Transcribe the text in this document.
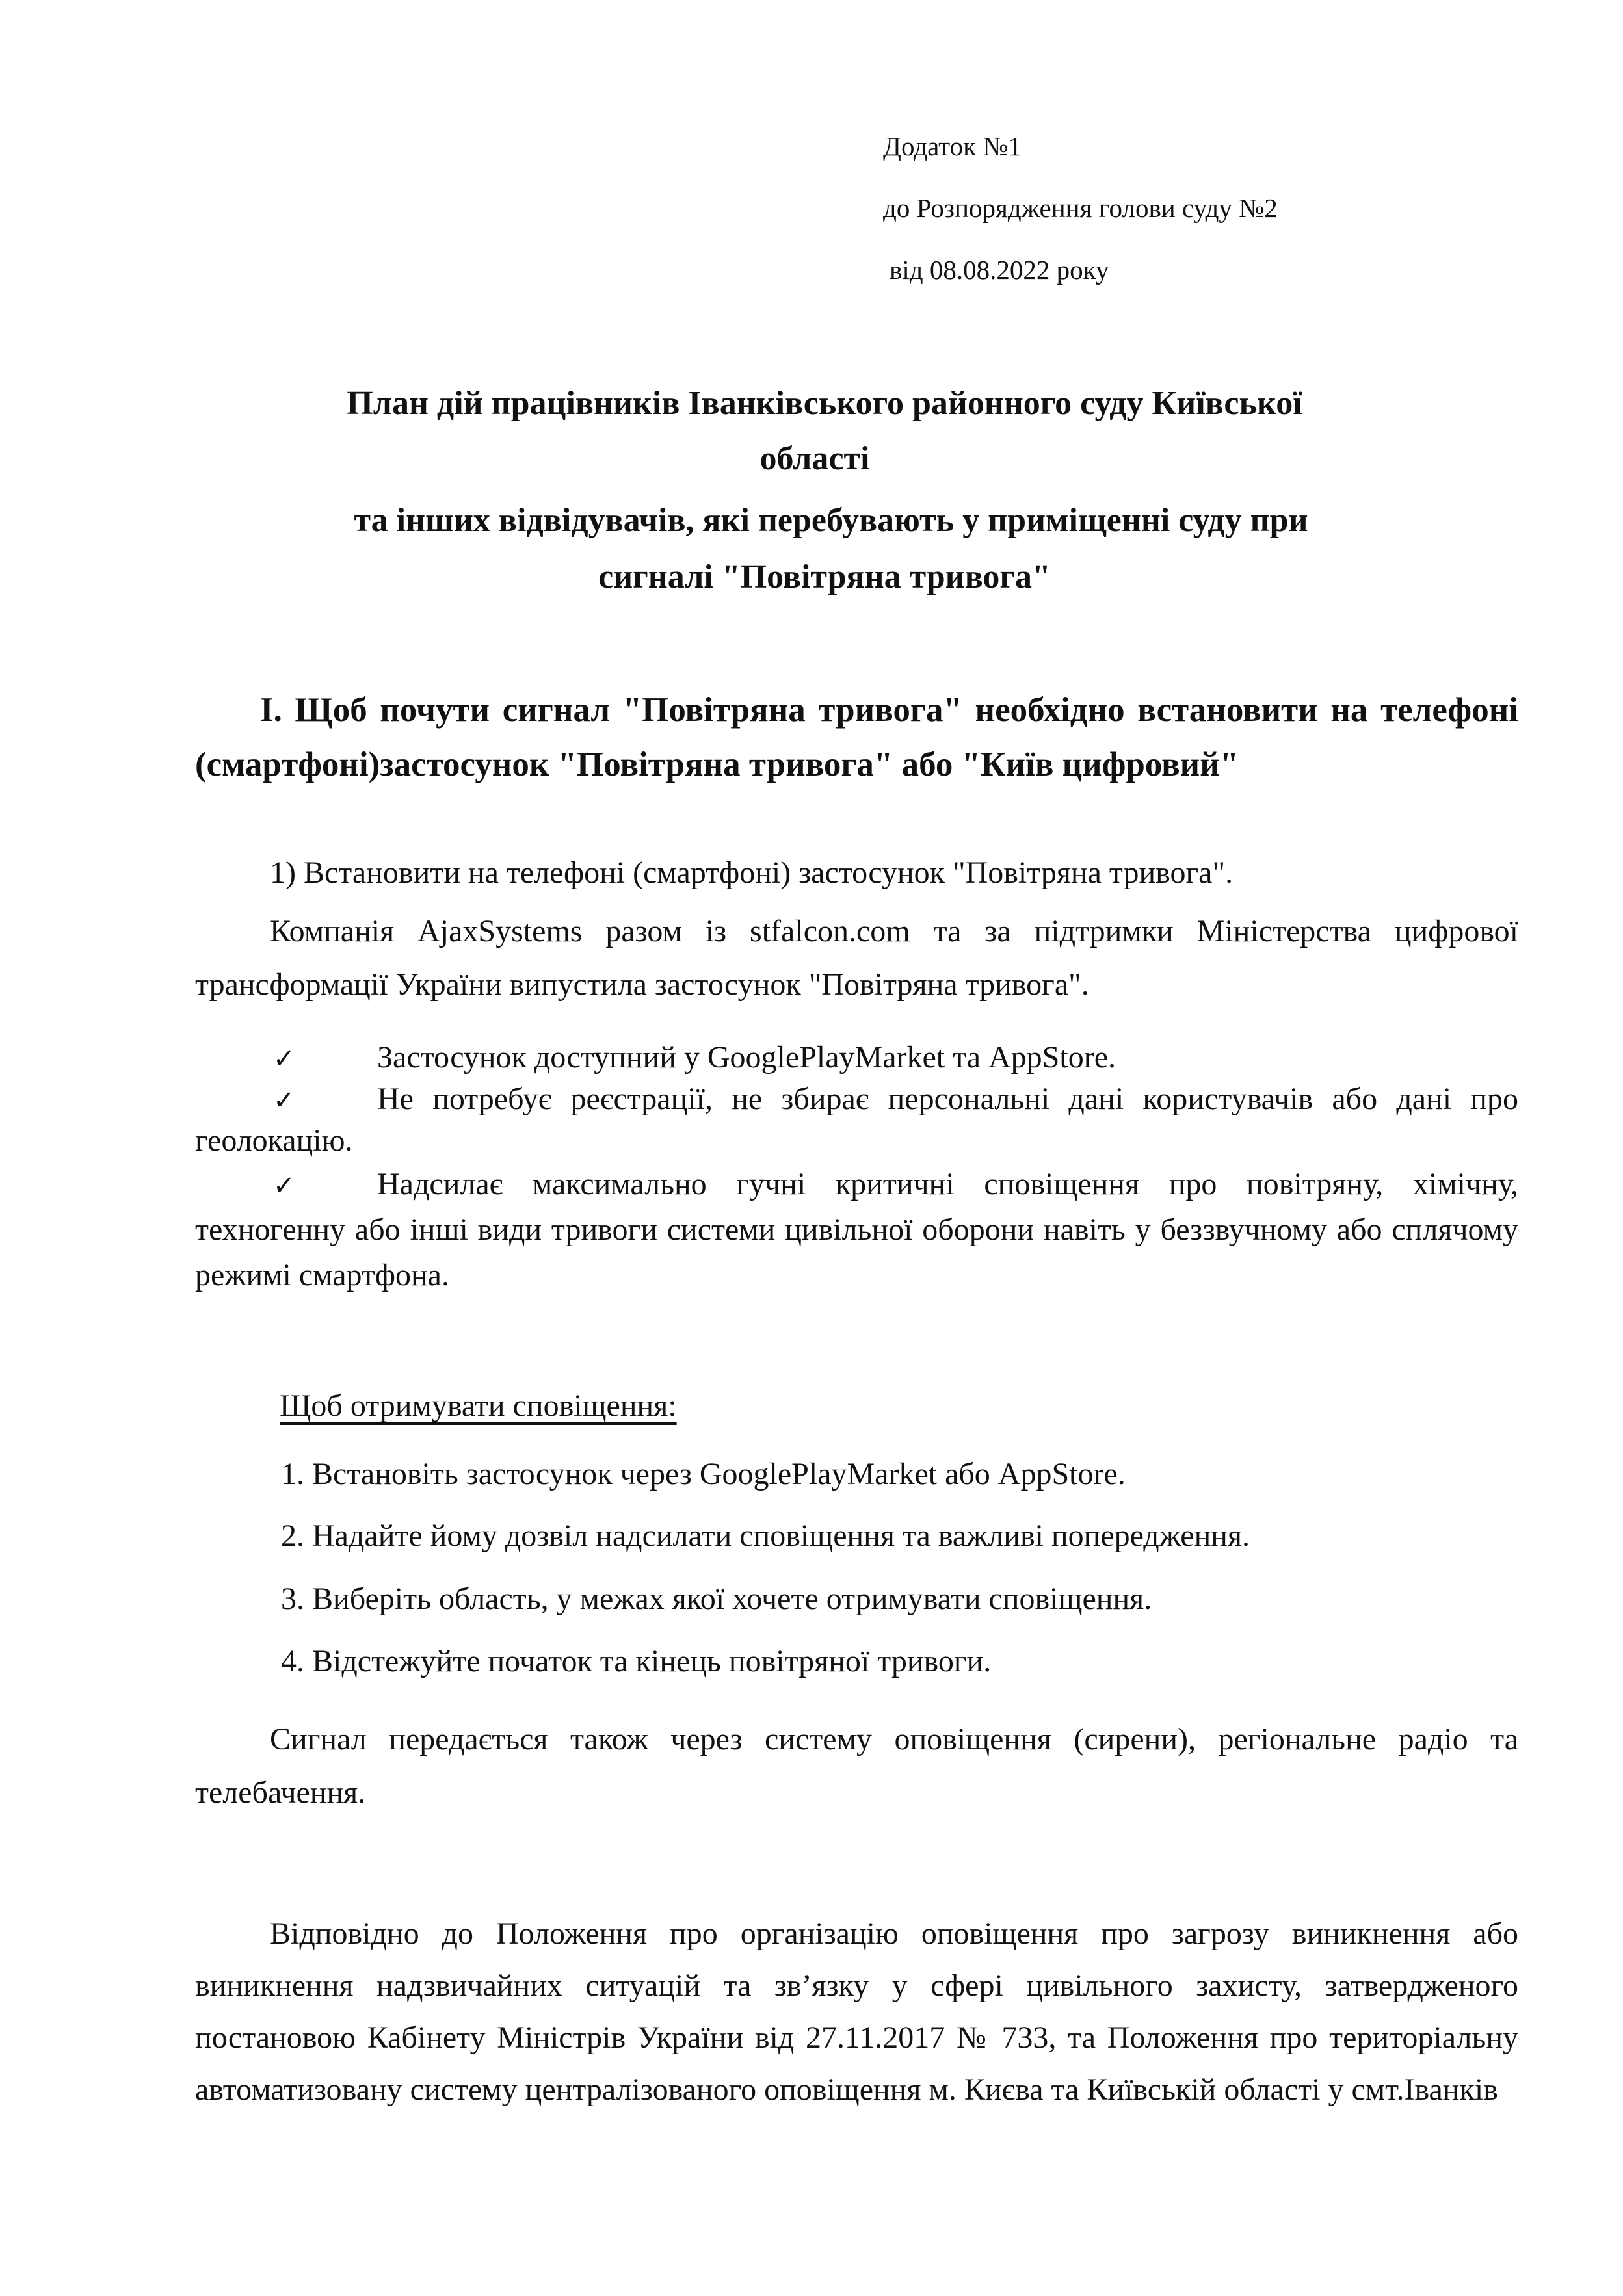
Додаток №1
до Розпорядження голови суду №2
від 08.08.2022 року
План дій працівників Іванківського районного суду Київської
області
та інших відвідувачів, які перебувають у приміщенні суду при
сигналі "Повітряна тривога"
І. Щоб почути сигнал "Повітряна тривога" необхідно встановити на телефоні (смартфоні)застосунок "Повітряна тривога" або "Київ цифровий"
1) Встановити на телефоні (смартфоні) застосунок "Повітряна тривога".
Компанія AjaxSystems разом із stfalcon.com та за підтримки Міністерства цифрової трансформації України випустила застосунок "Повітряна тривога".
✓	Застосунок доступний у GooglePlayMarket та AppStore.
✓	Не потребує реєстрації, не збирає персональні дані користувачів або дані про геолокацію.
✓	Надсилає максимально гучні критичні сповіщення про повітряну, хімічну, техногенну або інші види тривоги системи цивільної оборони навіть у беззвучному або сплячому режимі смартфона.
Щоб отримувати сповіщення:
1. Встановіть застосунок через GooglePlayMarket або AppStore.
2. Надайте йому дозвіл надсилати сповіщення та важливі попередження.
3. Виберіть область, у межах якої хочете отримувати сповіщення.
4. Відстежуйте початок та кінець повітряної тривоги.
Сигнал передається також через систему оповіщення (сирени), регіональне радіо та телебачення.
Відповідно до Положення про організацію оповіщення про загрозу виникнення або виникнення надзвичайних ситуацій та зв’язку у сфері цивільного захисту, затвердженого постановою Кабінету Міністрів України від 27.11.2017 № 733, та Положення про територіальну автоматизовану систему централізованого оповіщення м. Києва та Київській області у смт.Іванків
